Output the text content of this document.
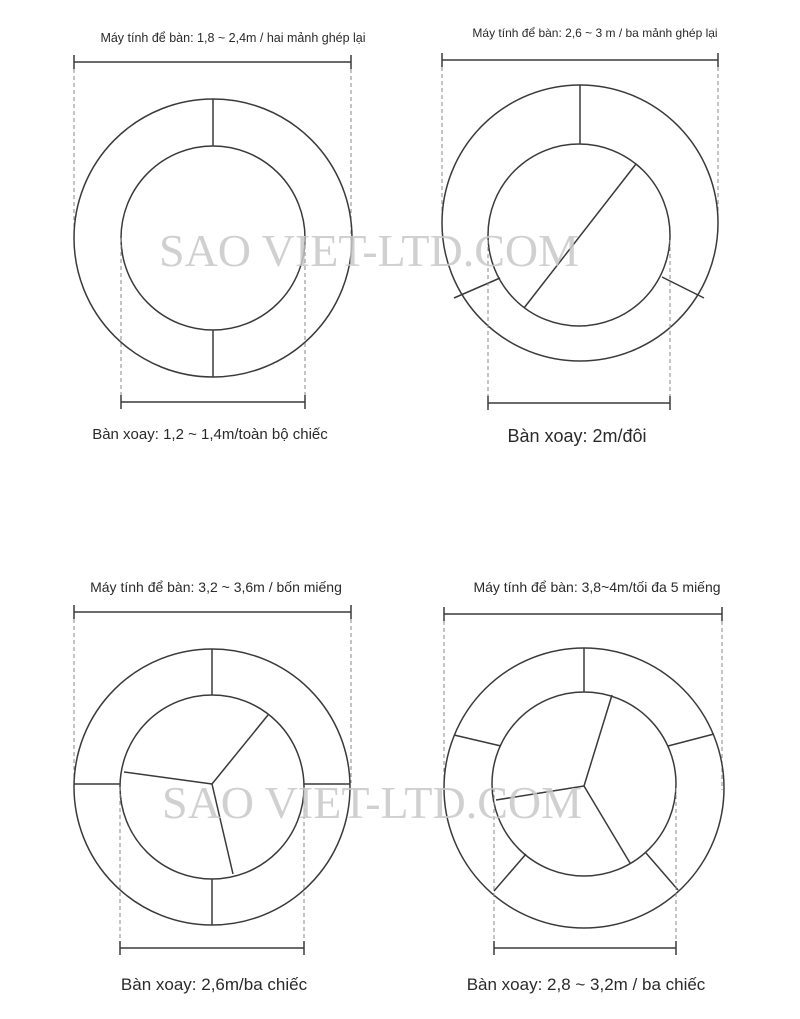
Máy tính để bàn: 1,8 ~ 2,4m / hai mảnh ghép lại
Bàn xoay: 1,2 ~ 1,4m/toàn bộ chiếc
Máy tính để bàn: 2,6 ~ 3 m / ba mảnh ghép lại
Bàn xoay: 2m/đôi
Máy tính để bàn: 3,2 ~ 3,6m / bốn miếng
Bàn xoay: 2,6m/ba chiếc
Máy tính để bàn: 3,8~4m/tối đa 5 miếng
Bàn xoay: 2,8 ~ 3,2m / ba chiếc
SAO VIET-LTD.COM
SAO VIET-LTD.COM
